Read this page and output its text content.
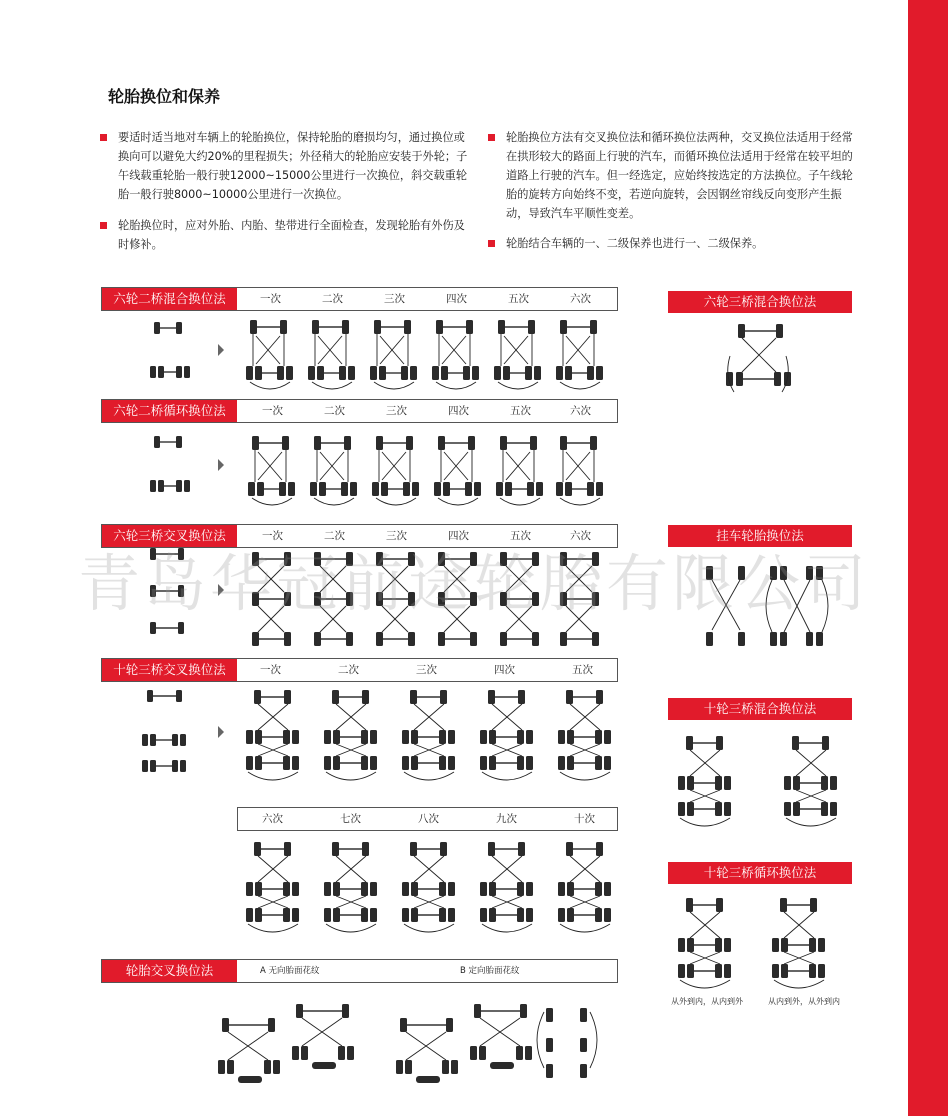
轮胎换位和保养
要适时适当地对车辆上的轮胎换位，保持轮胎的磨损均匀，通过换位或换向可以避免大约20%的里程损失；外径稍大的轮胎应安装于外轮；子午线载重轮胎一般行驶12000~15000公里进行一次换位，斜交载重轮胎一般行驶8000~10000公里进行一次换位。
轮胎换位时，应对外胎、内胎、垫带进行全面检查，发现轮胎有外伤及时修补。
轮胎换位方法有交叉换位法和循环换位法两种，交叉换位法适用于经常在拱形较大的路面上行驶的汽车，而循环换位法适用于经常在较平坦的道路上行驶的汽车。但一经选定，应始终按选定的方法换位。子午线轮胎的旋转方向始终不变，若逆向旋转，会因钢丝帘线反向变形产生振动，导致汽车平顺性变差。
轮胎结合车辆的一、二级保养也进行一、二级保养。
六轮二桥混合换位法	一次	二次	三次	四次	五次	六次
六轮二桥循环换位法	一次	二次	三次	四次	五次	六次
六轮三桥交叉换位法	一次	二次	三次	四次	五次	六次
十轮三桥交叉换位法	一次	二次	三次	四次	五次
六次	七次	八次	九次	十次
轮胎交叉换位法	A 无向胎面花纹	B 定向胎面花纹
六轮三桥混合换位法
挂车轮胎换位法
十轮三桥混合换位法
十轮三桥循环换位法
从外到内，从内到外	从内到外，从外到内
青岛华冠前途轮胎有限公司
